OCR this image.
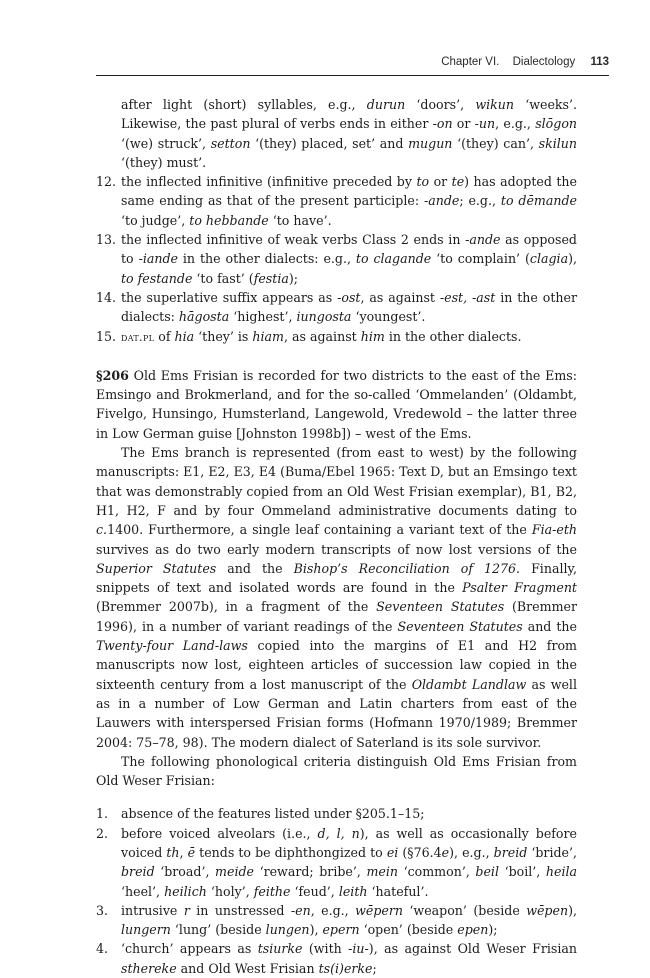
Chapter VI. Dialectology 113
after light (short) syllables, e.g., durun ‘doors’, wikun ‘weeks’. Likewise, the past plural of verbs ends in either -on or -un, e.g., slōgon ‘(we) struck’, setton ‘(they) placed, set’ and mugun ‘(they) can’, skilun ‘(they) must’.
12. the inflected infinitive (infinitive preceded by to or te) has adopted the same ending as that of the present participle: -ande; e.g., to dēmande ‘to judge’, to hebbande ‘to have’.
13. the inflected infinitive of weak verbs Class 2 ends in -ande as opposed to -iande in the other dialects: e.g., to clagande ‘to complain’ (clagia), to festande ‘to fast’ (festia);
14. the superlative suffix appears as -ost, as against -est, -ast in the other dialects: hāgosta ‘highest’, iungosta ‘youngest’.
15. dat.pl of hia ‘they’ is hiam, as against him in the other dialects.

§206 Old Ems Frisian is recorded for two districts to the east of the Ems: Emsingo and Brokmerland, and for the so-called ‘Ommelanden’ (Oldambt, Fivelgo, Hunsingo, Humsterland, Langewold, Vredewold – the latter three in Low German guise [Johnston 1998b]) – west of the Ems.

The Ems branch is represented (from east to west) by the following manuscripts: E1, E2, E3, E4 (Buma/Ebel 1965: Text D, but an Emsingo text that was demonstrably copied from an Old West Frisian exemplar), B1, B2, H1, H2, F and by four Ommeland administrative documents dating to c.1400. Furthermore, a single leaf containing a variant text of the Fia-eth survives as do two early modern transcripts of now lost versions of the Superior Statutes and the Bishop’s Reconciliation of 1276. Finally, snippets of text and isolated words are found in the Psalter Fragment (Bremmer 2007b), in a fragment of the Seventeen Statutes (Bremmer 1996), in a number of variant readings of the Seventeen Statutes and the Twenty-four Land-laws copied into the margins of E1 and H2 from manuscripts now lost, eighteen articles of succession law copied in the sixteenth century from a lost manuscript of the Oldambt Landlaw as well as in a number of Low German and Latin charters from east of the Lauwers with interspersed Frisian forms (Hofmann 1970/1989; Bremmer 2004: 75–78, 98). The modern dialect of Saterland is its sole survivor.

The following phonological criteria distinguish Old Ems Frisian from Old Weser Frisian:

1.	absence of the features listed under §205.1–15;
2.	before voiced alveolars (i.e., d, l, n), as well as occasionally before voiced th, ē tends to be diphthongized to ei (§76.4e), e.g., breid ‘bride’, breid ‘broad’, meide ‘reward; bribe’, mein ‘common’, beil ‘boil’, heila ‘heel’, heilich ‘holy’, feithe ‘feud’, leith ‘hateful’.
3.	intrusive r in unstressed -en, e.g., wēpern ‘weapon’ (beside wēpen), lungern ‘lung’ (beside lungen), epern ‘open’ (beside epen);
4.	‘church’ appears as tsiurke (with -iu-), as against Old Weser Frisian sthereke and Old West Frisian ts(i)erke;
